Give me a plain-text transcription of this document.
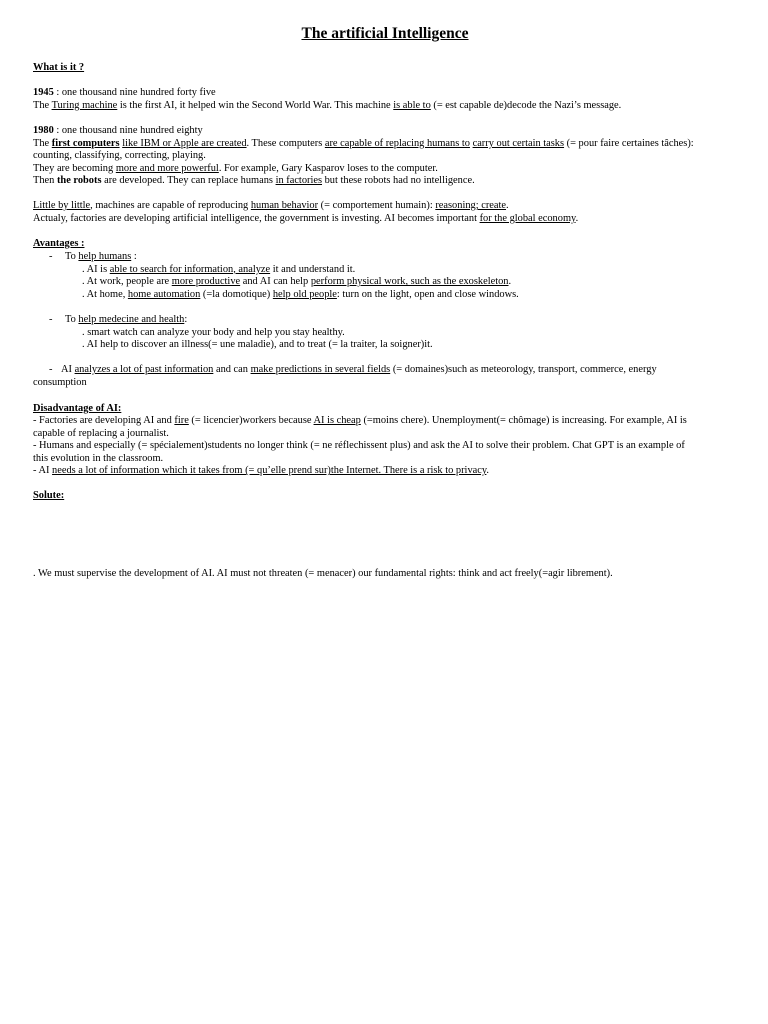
The artificial Intelligence
What is it ?
1945 : one thousand nine hundred forty five
The Turing machine is the first AI, it helped win the Second World War. This machine is able to (= est capable de)decode the Nazi’s message.
1980 : one thousand nine hundred eighty
The first computers like IBM or Apple are created. These computers are capable of replacing humans to carry out certain tasks (= pour faire certaines tâches):
counting, classifying, correcting, playing.
They are becoming more and more powerful. For example, Gary Kasparov loses to the computer.
Then the robots are developed. They can replace humans in factories but these robots had no intelligence.
Little by little, machines are capable of reproducing human behavior (= comportement humain): reasoning; create.
Actualy, factories are developing artificial intelligence, the government is investing. AI becomes important for the global economy.
Avantages :
- To help humans :
. AI is able to search for information, analyze it and understand it.
. At work, people are more productive and AI can help perform physical work, such as the exoskeleton.
. At home, home automation (=la domotique) help old people: turn on the light, open and close windows.
- To help medecine and health:
. smart watch can analyze your body and help you stay healthy.
. AI help to discover an illness(= une maladie), and to treat (= la traiter, la soigner)it.
- AI analyzes a lot of past information and can make predictions in several fields (= domaines)such as meteorology, transport, commerce, energy
consumption
Disadvantage of AI:
- Factories are developing AI and fire (= licencier)workers because AI is cheap (=moins chere). Unemployment(= chômage) is increasing. For example, AI is
capable of replacing a journalist.
- Humans and especially (= spécialement)students no longer think (= ne réflechissent plus) and ask the AI to solve their problem. Chat GPT is an example of
this evolution in the classroom.
- AI needs a lot of information which it takes from (= qu’elle prend sur)the Internet. There is a risk to privacy.
Solute:
. We must supervise the development of AI. AI must not threaten (= menacer) our fundamental rights: think and act freely(=agir librement).
